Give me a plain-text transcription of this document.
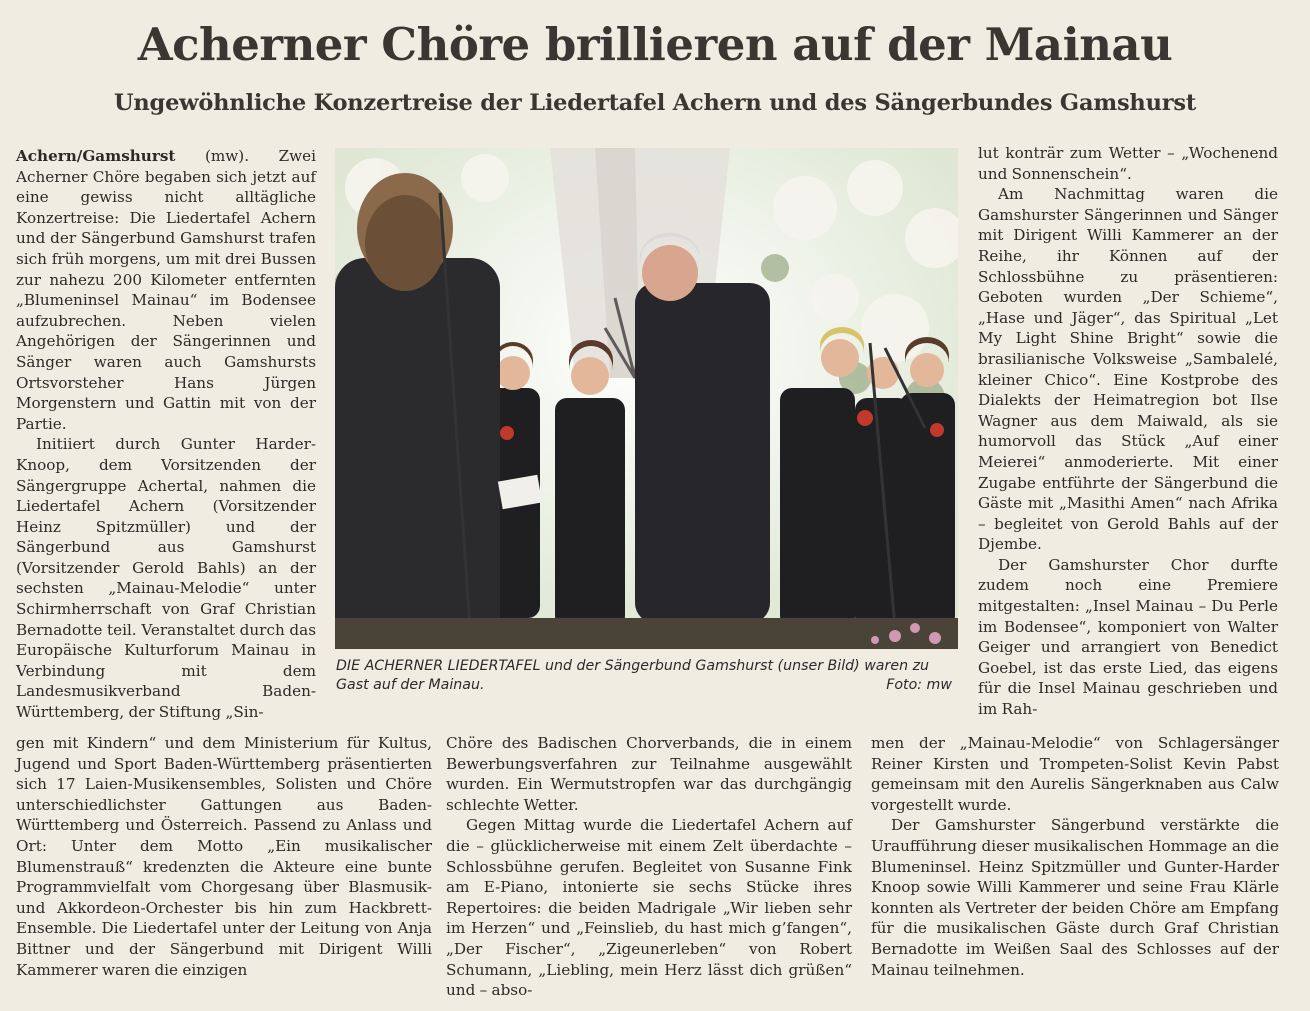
Acherner Chöre brillieren auf der Mainau
Ungewöhnliche Konzertreise der Liedertafel Achern und des Sängerbundes Gamshurst

Achern/Gamshurst (mw). Zwei Acherner Chöre begaben sich jetzt auf eine gewiss nicht alltägliche Konzertreise: Die Liedertafel Achern und der Sängerbund Gamshurst trafen sich früh morgens, um mit drei Bussen zur nahezu 200 Kilometer entfernten „Blumeninsel Mainau“ im Bodensee aufzubrechen. Neben vielen Angehörigen der Sängerinnen und Sänger waren auch Gamshursts Ortsvorsteher Hans Jürgen Morgenstern und Gattin mit von der Partie.

Initiiert durch Gunter Harder-Knoop, dem Vorsitzenden der Sängergruppe Achertal, nahmen die Liedertafel Achern (Vorsitzender Heinz Spitzmüller) und der Sängerbund aus Gamshurst (Vorsitzender Gerold Bahls) an der sechsten „Mainau-Melodie“ unter Schirmherrschaft von Graf Christian Bernadotte teil. Veranstaltet durch das Europäische Kulturforum Mainau in Verbindung mit dem Landesmusikverband Baden-Württemberg, der Stiftung „Sin-

DIE ACHERNER LIEDERTAFEL und der Sängerbund Gamshurst (unser Bild) waren zu Gast auf der Mainau.	Foto: mw

gen mit Kindern“ und dem Ministerium für Kultus, Jugend und Sport Baden-Württemberg präsentierten sich 17 Laien-Musikensembles, Solisten und Chöre unterschiedlichster Gattungen aus Baden-Württemberg und Österreich. Passend zu Anlass und Ort: Unter dem Motto „Ein musikalischer Blumenstrauß“ kredenzten die Akteure eine bunte Programmvielfalt vom Chorgesang über Blasmusik- und Akkordeon-Orchester bis hin zum Hackbrett-Ensemble. Die Liedertafel unter der Leitung von Anja Bittner und der Sängerbund mit Dirigent Willi Kammerer waren die einzigen

Chöre des Badischen Chorverbands, die in einem Bewerbungsverfahren zur Teilnahme ausgewählt wurden. Ein Wermutstropfen war das durchgängig schlechte Wetter.

Gegen Mittag wurde die Liedertafel Achern auf die – glücklicherweise mit einem Zelt überdachte – Schlossbühne gerufen. Begleitet von Susanne Fink am E-Piano, intonierte sie sechs Stücke ihres Repertoires: die beiden Madrigale „Wir lieben sehr im Herzen“ und „Feinslieb, du hast mich g’fangen“, „Der Fischer“, „Zigeunerleben“ von Robert Schumann, „Liebling, mein Herz lässt dich grüßen“ und – abso-

lut konträr zum Wetter – „Wochenend und Sonnenschein“.

Am Nachmittag waren die Gamshurster Sängerinnen und Sänger mit Dirigent Willi Kammerer an der Reihe, ihr Können auf der Schlossbühne zu präsentieren: Geboten wurden „Der Schieme“, „Hase und Jäger“, das Spiritual „Let My Light Shine Bright“ sowie die brasilianische Volksweise „Sambalelé, kleiner Chico“. Eine Kostprobe des Dialekts der Heimatregion bot Ilse Wagner aus dem Maiwald, als sie humorvoll das Stück „Auf einer Meierei“ anmoderierte. Mit einer Zugabe entführte der Sängerbund die Gäste mit „Masithi Amen“ nach Afrika – begleitet von Gerold Bahls auf der Djembe.

Der Gamshurster Chor durfte zudem noch eine Premiere mitgestalten: „Insel Mainau – Du Perle im Bodensee“, komponiert von Walter Geiger und arrangiert von Benedict Goebel, ist das erste Lied, das eigens für die Insel Mainau geschrieben und im Rah-

men der „Mainau-Melodie“ von Schlagersänger Reiner Kirsten und Trompeten-Solist Kevin Pabst gemeinsam mit den Aurelis Sängerknaben aus Calw vorgestellt wurde.

Der Gamshurster Sängerbund verstärkte die Uraufführung dieser musikalischen Hommage an die Blumeninsel. Heinz Spitzmüller und Gunter-Harder Knoop sowie Willi Kammerer und seine Frau Klärle konnten als Vertreter der beiden Chöre am Empfang für die musikalischen Gäste durch Graf Christian Bernadotte im Weißen Saal des Schlosses auf der Mainau teilnehmen.
